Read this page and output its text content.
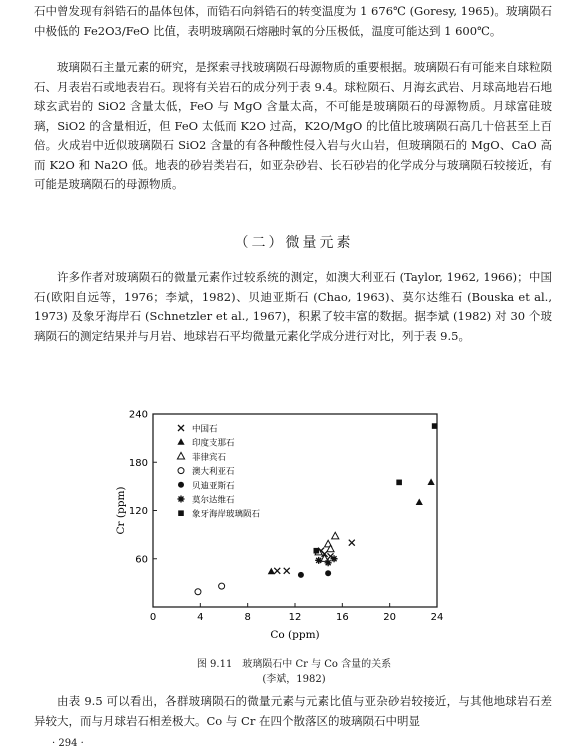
石中曾发现有斜锆石的晶体包体，而锆石向斜锆石的转变温度为 1 676℃ (Goresy, 1965)。玻璃陨石中极低的 Fe2O3/FeO 比值，表明玻璃陨石熔融时氧的分压极低，温度可能达到 1 600℃。

玻璃陨石主量元素的研究，是探索寻找玻璃陨石母源物质的重要根据。玻璃陨石有可能来自球粒陨石、月表岩石或地表岩石。现将有关岩石的成分列于表 9.4。球粒陨石、月海玄武岩、月球高地岩石地球玄武岩的 SiO2 含量太低，FeO 与 MgO 含量太高，不可能是玻璃陨石的母源物质。月球富硅玻璃，SiO2 的含量相近，但 FeO 太低而 K2O 过高，K2O/MgO 的比值比玻璃陨石高几十倍甚至上百倍。火成岩中近似玻璃陨石 SiO2 含量的有各种酸性侵入岩与火山岩，但玻璃陨石的 MgO、CaO 高而 K2O 和 Na2O 低。地表的砂岩类岩石，如亚杂砂岩、长石砂岩的化学成分与玻璃陨石较接近，有可能是玻璃陨石的母源物质。

（二）微量元素

许多作者对玻璃陨石的微量元素作过较系统的测定，如澳大利亚石 (Taylor, 1962, 1966)；中国石(欧阳自远等，1976；李斌，1982)、贝迪亚斯石 (Chao, 1963)、莫尔达维石 (Bouska et al., 1973) 及象牙海岸石 (Schnetzler et al., 1967)，积累了较丰富的数据。据李斌 (1982) 对 30 个玻璃陨石的测定结果并与月岩、地球岩石平均微量元素化学成分进行对比，列于表 9.5。

0	4	8	12	16	20	24
60
120
180
240
Co (ppm)
Cr (ppm)
中国石
印度支那石
菲律宾石
澳大利亚石
贝迪亚斯石
莫尔达维石
象牙海岸玻璃陨石
图 9.11　玻璃陨石中 Cr 与 Co 含量的关系
(李斌，1982)

由表 9.5 可以看出，各群玻璃陨石的微量元素与元素比值与亚杂砂岩较接近，与其他地球岩石差异较大，而与月球岩石相差极大。Co 与 Cr 在四个散落区的玻璃陨石中明显

· 294 ·
